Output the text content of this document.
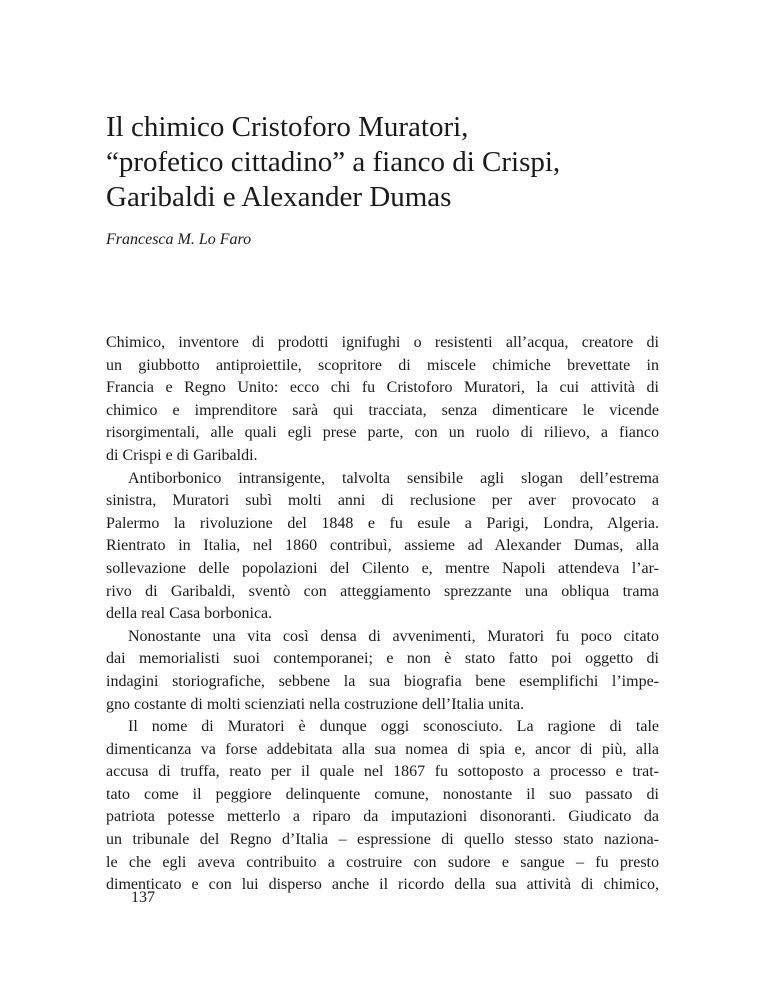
Il chimico Cristoforo Muratori,
“profetico cittadino” a fianco di Crispi,
Garibaldi e Alexander Dumas

Francesca M. Lo Faro

Chimico, inventore di prodotti ignifughi o resistenti all’acqua, creatore di
un giubbotto antiproiettile, scopritore di miscele chimiche brevettate in
Francia e Regno Unito: ecco chi fu Cristoforo Muratori, la cui attività di
chimico e imprenditore sarà qui tracciata, senza dimenticare le vicende
risorgimentali, alle quali egli prese parte, con un ruolo di rilievo, a fianco
di Crispi e di Garibaldi.
Antiborbonico intransigente, talvolta sensibile agli slogan dell’estrema
sinistra, Muratori subì molti anni di reclusione per aver provocato a
Palermo la rivoluzione del 1848 e fu esule a Parigi, Londra, Algeria.
Rientrato in Italia, nel 1860 contribuì, assieme ad Alexander Dumas, alla
sollevazione delle popolazioni del Cilento e, mentre Napoli attendeva l’ar-
rivo di Garibaldi, sventò con atteggiamento sprezzante una obliqua trama
della real Casa borbonica.
Nonostante una vita così densa di avvenimenti, Muratori fu poco citato
dai memorialisti suoi contemporanei; e non è stato fatto poi oggetto di
indagini storiografiche, sebbene la sua biografia bene esemplifichi l’impe-
gno costante di molti scienziati nella costruzione dell’Italia unita.
Il nome di Muratori è dunque oggi sconosciuto. La ragione di tale
dimenticanza va forse addebitata alla sua nomea di spia e, ancor di più, alla
accusa di truffa, reato per il quale nel 1867 fu sottoposto a processo e trat-
tato come il peggiore delinquente comune, nonostante il suo passato di
patriota potesse metterlo a riparo da imputazioni disonoranti. Giudicato da
un tribunale del Regno d’Italia – espressione di quello stesso stato naziona-
le che egli aveva contribuito a costruire con sudore e sangue – fu presto
dimenticato e con lui disperso anche il ricordo della sua attività di chimico,
137
